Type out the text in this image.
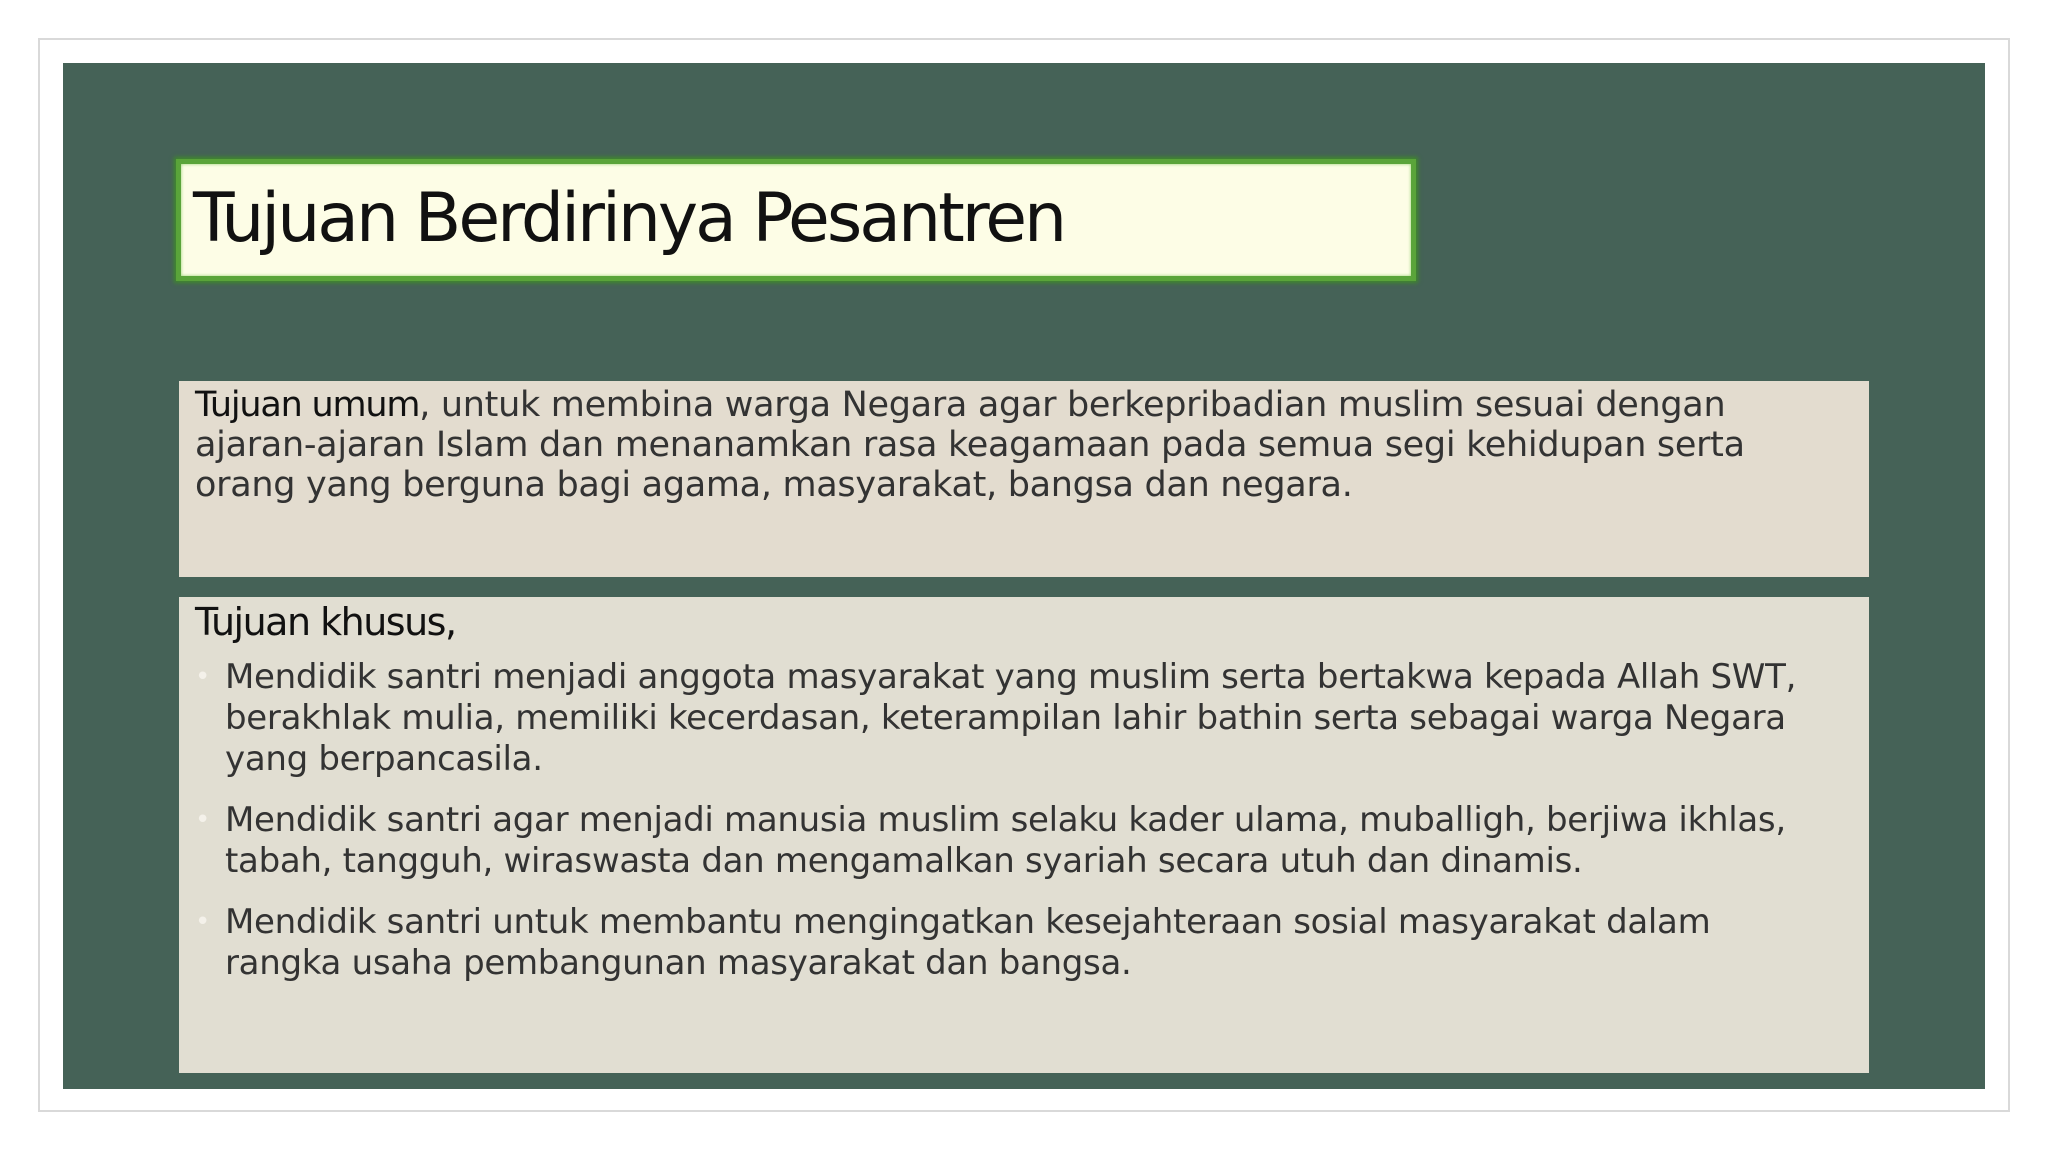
Tujuan Berdirinya Pesantren

Tujuan umum, untuk membina warga Negara agar berkepribadian muslim sesuai dengan ajaran-ajaran Islam dan menanamkan rasa keagamaan pada semua segi kehidupan serta orang yang berguna bagi agama, masyarakat, bangsa dan negara.

Tujuan khusus,
• Mendidik santri menjadi anggota masyarakat yang muslim serta bertakwa kepada Allah SWT, berakhlak mulia, memiliki kecerdasan, keterampilan lahir bathin serta sebagai warga Negara yang berpancasila.
• Mendidik santri agar menjadi manusia muslim selaku kader ulama, muballigh, berjiwa ikhlas, tabah, tangguh, wiraswasta dan mengamalkan syariah secara utuh dan dinamis.
• Mendidik santri untuk membantu mengingatkan kesejahteraan sosial masyarakat dalam rangka usaha pembangunan masyarakat dan bangsa.
